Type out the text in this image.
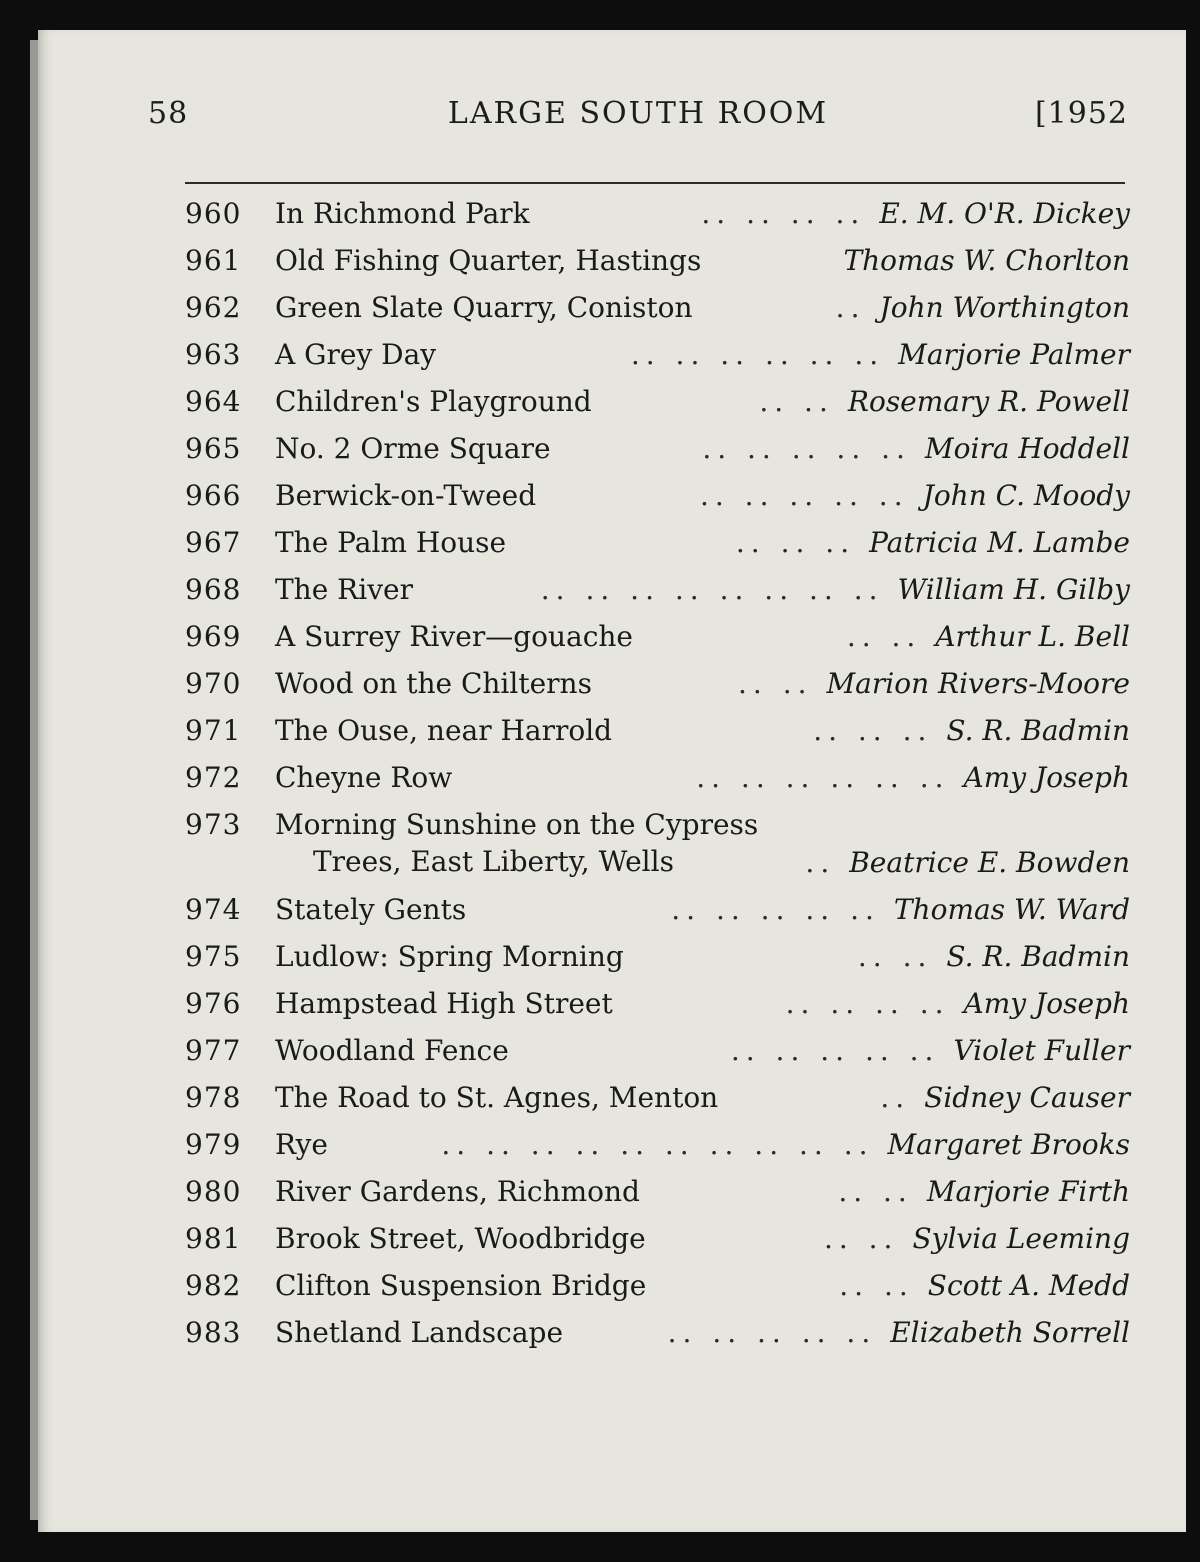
58	LARGE SOUTH ROOM	[1952
960	In Richmond Park	E. M. O'R. Dickey
.. .. .. ..
961	Old Fishing Quarter, Hastings	Thomas W. Chorlton
962	Green Slate Quarry, Coniston	John Worthington
..
963	A Grey Day	Marjorie Palmer
.. .. .. .. .. ..
964	Children's Playground	Rosemary R. Powell
.. ..
965	No. 2 Orme Square	Moira Hoddell
.. .. .. .. ..
966	Berwick-on-Tweed	John C. Moody
.. .. .. .. ..
967	The Palm House	Patricia M. Lambe
.. .. ..
968	The River	William H. Gilby
.. .. .. .. .. .. .. ..
969	A Surrey River—gouache	Arthur L. Bell
.. ..
970	Wood on the Chilterns	Marion Rivers-Moore
.. ..
971	The Ouse, near Harrold	S. R. Badmin
.. .. ..
972	Cheyne Row	Amy Joseph
.. .. .. .. .. ..
973	Morning Sunshine on the Cypress
Trees, East Liberty, Wells	Beatrice E. Bowden
..
974	Stately Gents	Thomas W. Ward
.. .. .. .. ..
975	Ludlow: Spring Morning	S. R. Badmin
.. ..
976	Hampstead High Street	Amy Joseph
.. .. .. ..
977	Woodland Fence	Violet Fuller
.. .. .. .. ..
978	The Road to St. Agnes, Menton	Sidney Causer
..
979	Rye	Margaret Brooks
.. .. .. .. .. .. .. .. .. ..
980	River Gardens, Richmond	Marjorie Firth
.. ..
981	Brook Street, Woodbridge	Sylvia Leeming
.. ..
982	Clifton Suspension Bridge	Scott A. Medd
.. ..
983	Shetland Landscape	Elizabeth Sorrell
.. .. .. .. ..
